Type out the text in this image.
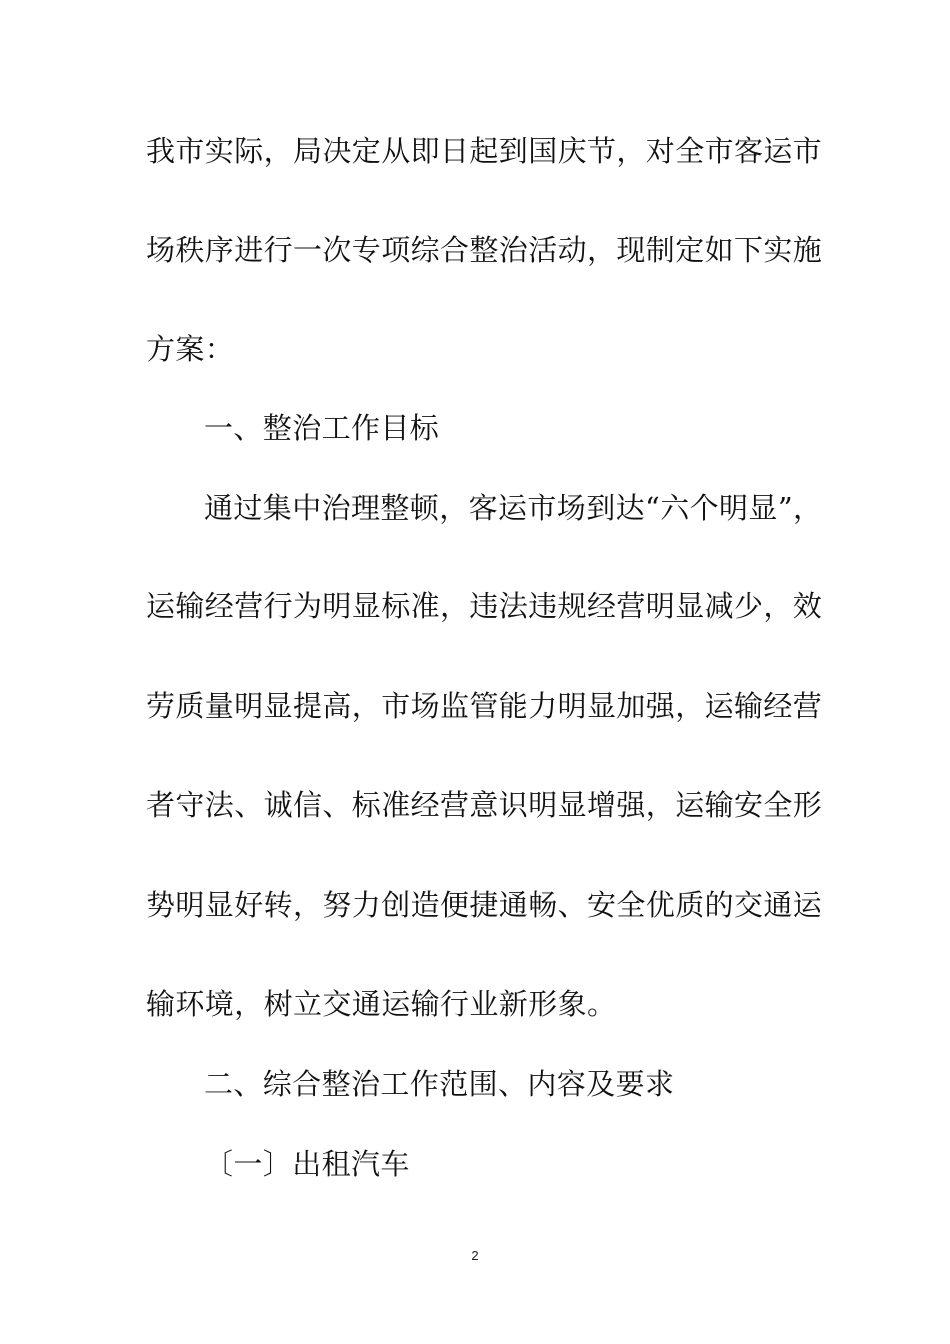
我市实际，局决定从即日起到国庆节，对全市客运市
场秩序进行一次专项综合整治活动，现制定如下实施
方案：
一、整治工作目标
通过集中治理整顿，客运市场到达“六个明显”，
运输经营行为明显标准，违法违规经营明显减少，效
劳质量明显提高，市场监管能力明显加强，运输经营
者守法、诚信、标准经营意识明显增强，运输安全形
势明显好转，努力创造便捷通畅、安全优质的交通运
输环境，树立交通运输行业新形象。
二、综合整治工作范围、内容及要求
〔一〕出租汽车
2
